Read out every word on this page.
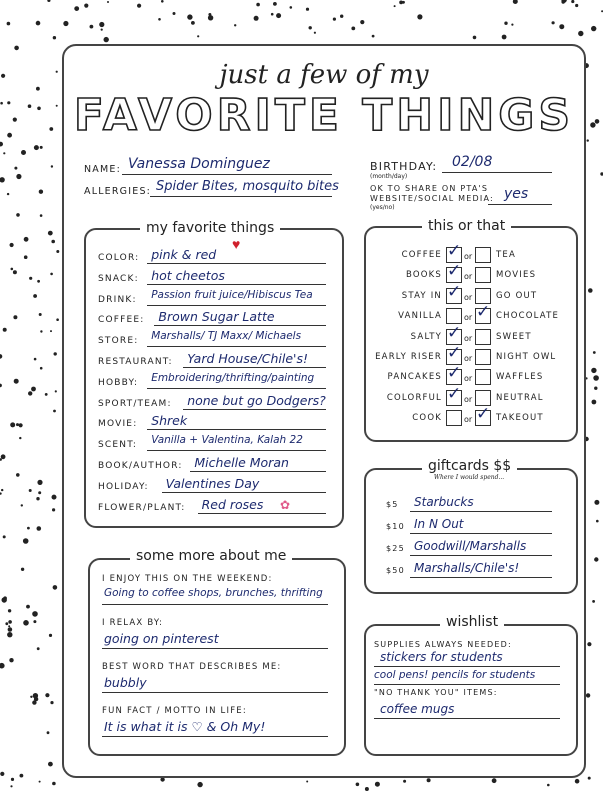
just a few of my
FAVORITE THINGS
NAME: Vanessa Dominguez
ALLERGIES: Spider Bites, mosquito bites
BIRTHDAY: 02/08
(month/day)
OK TO SHARE ON PTA'S
WEBSITE/SOCIAL MEDIA:
(yes/no)
yes
my favorite things
COLOR: pink & red
SNACK: hot cheetos
DRINK: Passion fruit juice/Hibiscus Tea
COFFEE: Brown Sugar Latte
STORE: Marshalls/ TJ Maxx/ Michaels
RESTAURANT: Yard House/Chile's!
HOBBY: Embroidering/thrifting/painting
SPORT/TEAM: none but go Dodgers?
MOVIE: Shrek
SCENT: Vanilla + Valentina, Kalah 22
BOOK/AUTHOR: Michelle Moran
HOLIDAY: Valentines Day
FLOWER/PLANT: Red roses
♥
✿
this or that
COFFEE ✓ or	TEA
BOOKS ✓ or	MOVIES
STAY IN ✓ or	GO OUT
VANILLA	or ✓ CHOCOLATE
SALTY ✓ or	SWEET
EARLY RISER ✓ or	NIGHT OWL
PANCAKES ✓ or	WAFFLES
COLORFUL ✓ or	NEUTRAL
COOK	or ✓ TAKEOUT
giftcards $$
Where I would spend...
$5 Starbucks
$10 In N Out
$25 Goodwill/Marshalls
$50 Marshalls/Chile's!
some more about me
I ENJOY THIS ON THE WEEKEND:
Going to coffee shops, brunches, thrifting
I RELAX BY:
going on pinterest
BEST WORD THAT DESCRIBES ME:
bubbly
FUN FACT / MOTTO IN LIFE:
It is what it is ♡ & Oh My!
wishlist
SUPPLIES ALWAYS NEEDED:
stickers for students
cool pens! pencils for students
"NO THANK YOU" ITEMS:
coffee mugs
